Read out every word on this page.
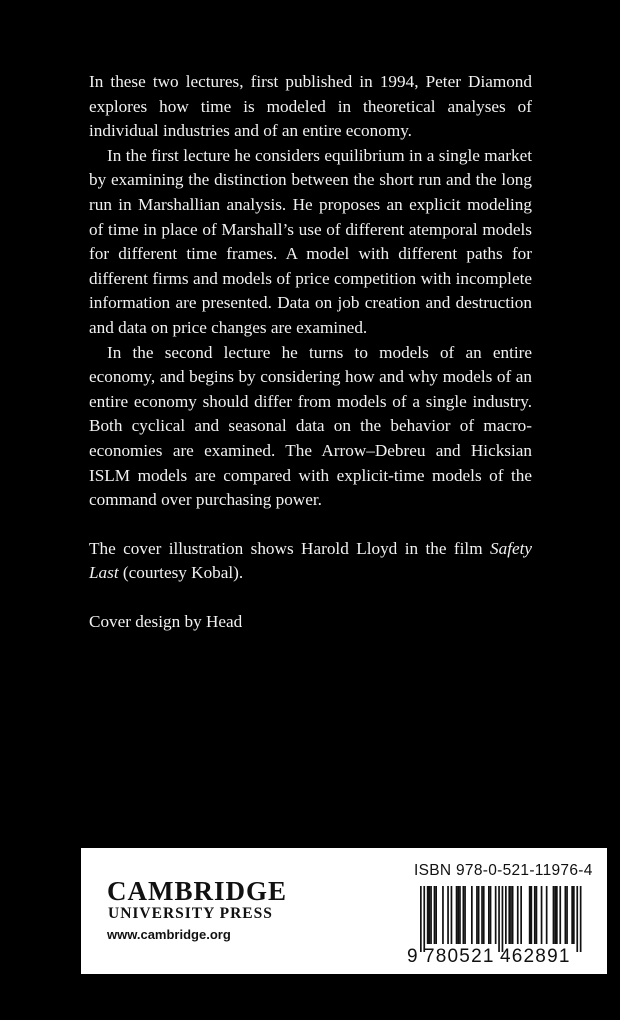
In these two lectures, first published in 1994, Peter Diamond explores how time is modeled in theoretical analyses of individual industries and of an entire economy.

In the first lecture he considers equilibrium in a single market by examining the distinction between the short run and the long run in Marshallian analysis. He proposes an explicit modeling of time in place of Marshall’s use of different atemporal models for different time frames. A model with different paths for different firms and models of price competition with incomplete information are presented. Data on job creation and destruction and data on price changes are examined.

In the second lecture he turns to models of an entire economy, and begins by considering how and why models of an entire economy should differ from models of a single industry. Both cyclical and seasonal data on the behavior of macro-economies are examined. The Arrow–Debreu and Hicksian ISLM models are compared with explicit-time models of the command over purchasing power.

The cover illustration shows Harold Lloyd in the film Safety Last (courtesy Kobal).

Cover design by Head

CAMBRIDGE
UNIVERSITY PRESS
www.cambridge.org
ISBN 978-0-521-11976-4
9 780521 462891
